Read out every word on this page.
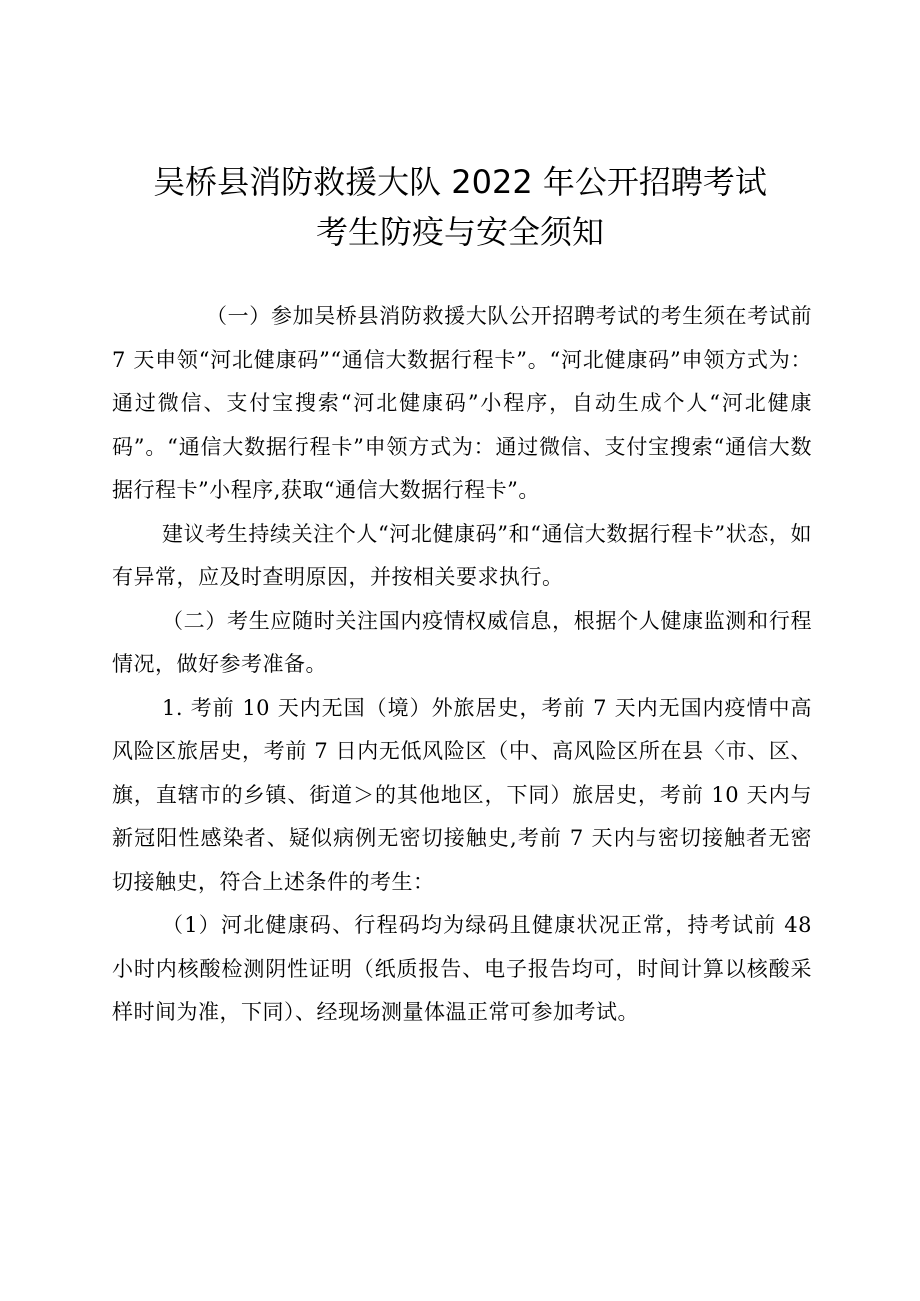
吴桥县消防救援大队 2022 年公开招聘考试
考生防疫与安全须知

（一）参加吴桥县消防救援大队公开招聘考试的考生须在考试前 7 天申领“河北健康码”“通信大数据行程卡”。“河北健康码”申领方式为：通过微信、支付宝搜索“河北健康码”小程序，自动生成个人“河北健康码”。“通信大数据行程卡”申领方式为：通过微信、支付宝搜索“通信大数据行程卡”小程序,获取“通信大数据行程卡”。

建议考生持续关注个人“河北健康码”和“通信大数据行程卡”状态，如有异常，应及时查明原因，并按相关要求执行。

（二）考生应随时关注国内疫情权威信息，根据个人健康监测和行程情况，做好参考准备。

1. 考前 10 天内无国（境）外旅居史，考前 7 天内无国内疫情中高风险区旅居史，考前 7 日内无低风险区（中、高风险区所在县〈市、区、旗，直辖市的乡镇、街道＞的其他地区，下同）旅居史，考前 10 天内与新冠阳性感染者、疑似病例无密切接触史,考前 7 天内与密切接触者无密切接触史，符合上述条件的考生：

（1）河北健康码、行程码均为绿码且健康状况正常，持考试前 48 小时内核酸检测阴性证明（纸质报告、电子报告均可，时间计算以核酸采样时间为准，下同）、经现场测量体温正常可参加考试。
